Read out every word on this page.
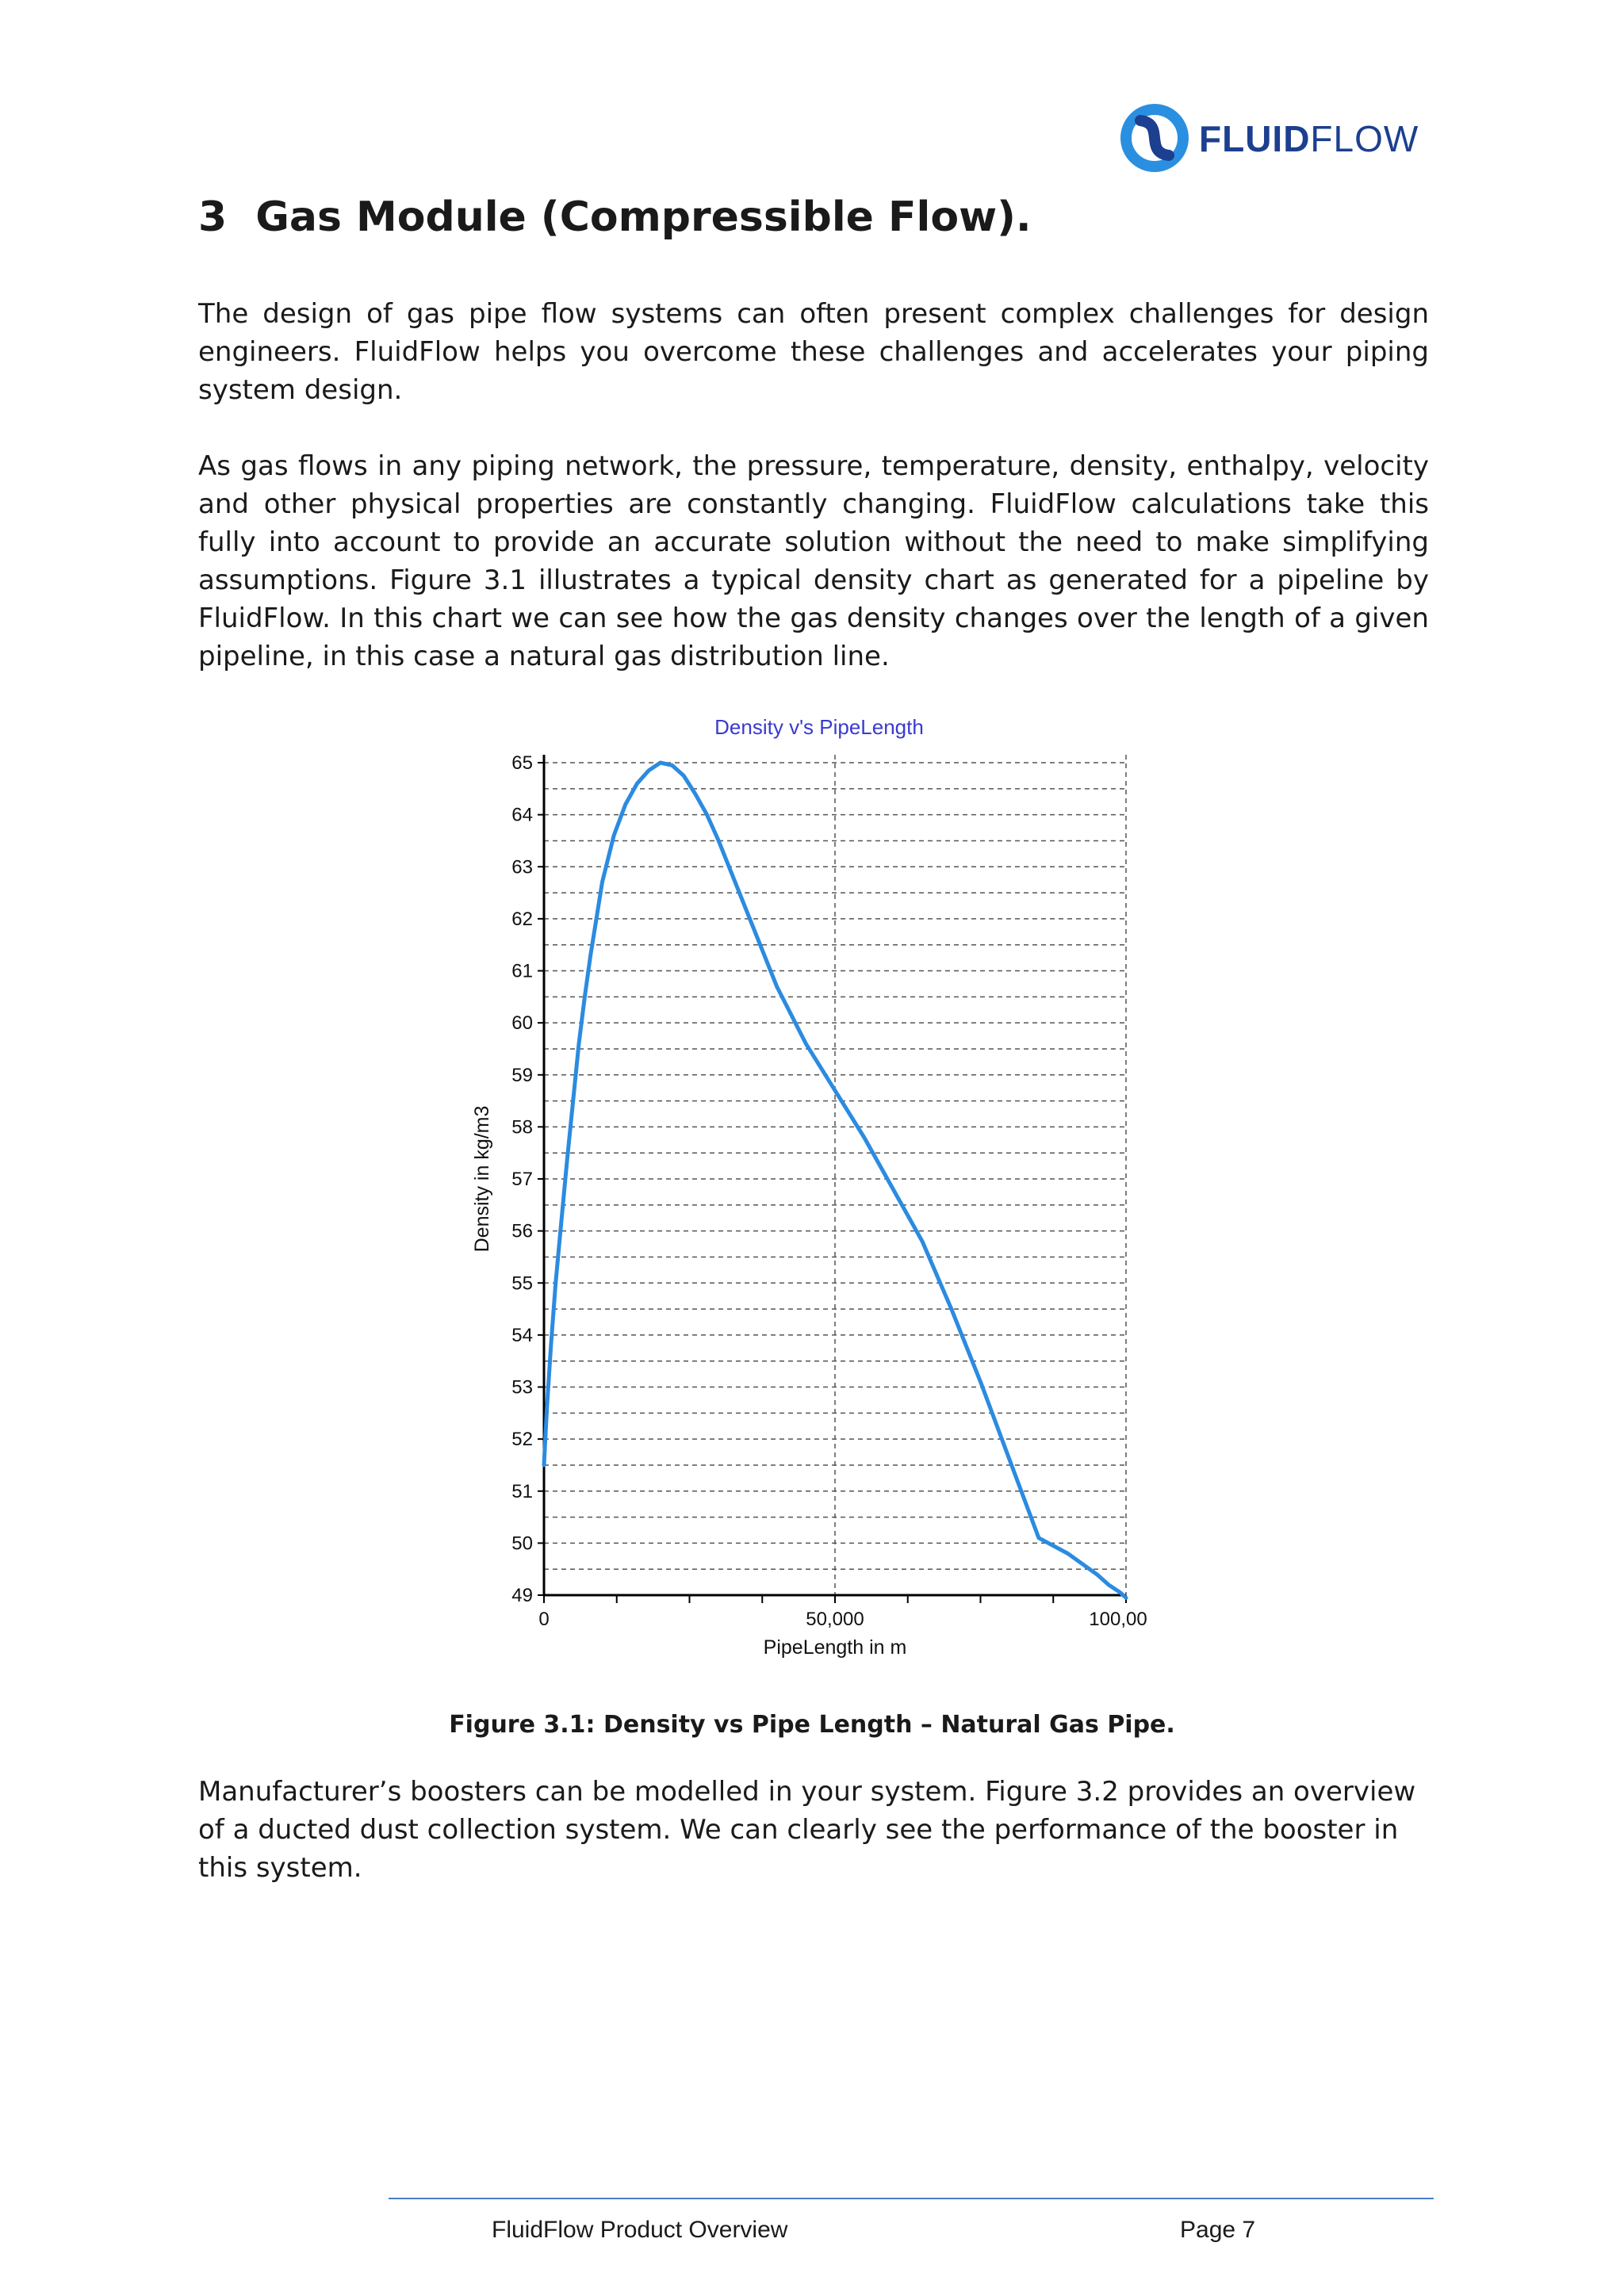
FLUIDFLOW
3 Gas Module (Compressible Flow).

The design of gas pipe flow systems can often present complex challenges for design engineers. FluidFlow helps you overcome these challenges and accelerates your piping system design.

As gas flows in any piping network, the pressure, temperature, density, enthalpy, velocity and other physical properties are constantly changing. FluidFlow calculations take this fully into account to provide an accurate solution without the need to make simplifying assumptions. Figure 3.1 illustrates a typical density chart as generated for a pipeline by FluidFlow. In this chart we can see how the gas density changes over the length of a given pipeline, in this case a natural gas distribution line.

Density v's PipeLength
49
50
51
52
53
54
55
56
57
58
59
60
61
62
63
64
65
0	50,000	100,00
PipeLength in m
Density in kg/m3
Figure 3.1: Density vs Pipe Length – Natural Gas Pipe.

Manufacturer’s boosters can be modelled in your system. Figure 3.2 provides an overview of a ducted dust collection system. We can clearly see the performance of the booster in this system.

FluidFlow Product Overview	Page 7
